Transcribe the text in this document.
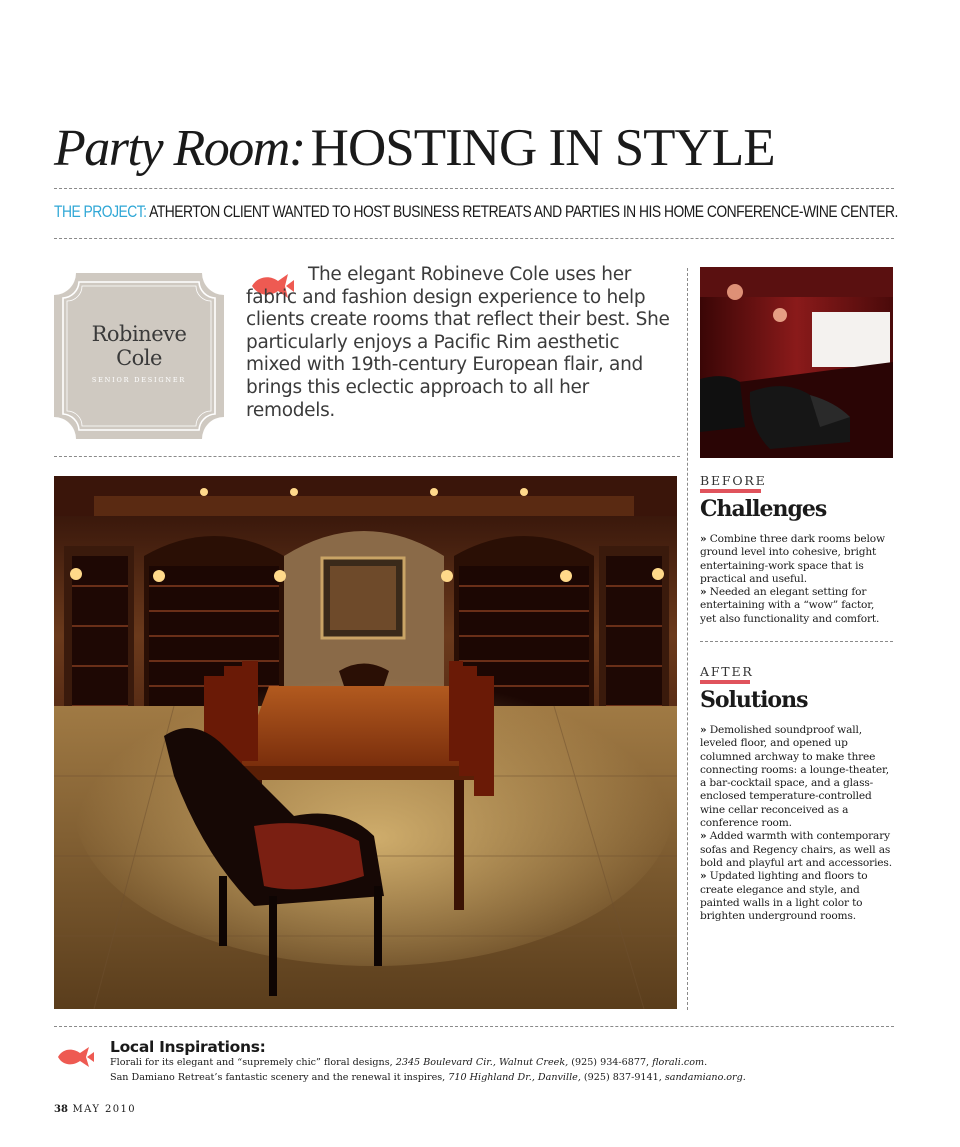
Party Room: HOSTING IN STYLE
THE PROJECT: ATHERTON CLIENT WANTED TO HOST BUSINESS RETREATS AND PARTIES IN HIS HOME CONFERENCE-WINE CENTER.
Robineve
Cole
SENIOR DESIGNER
The elegant Robineve Cole uses her fabric and fashion design experience to help clients create rooms that reflect their best. She particularly enjoys a Pacific Rim aesthetic mixed with 19th-century European flair, and brings this eclectic approach to all her remodels.
BEFORE
Challenges

» Combine three dark rooms below ground level into cohesive, bright entertaining-work space that is practical and useful.

» Needed an elegant setting for entertaining with a “wow” factor, yet also functionality and comfort.

AFTER
Solutions

» Demolished soundproof wall, leveled floor, and opened up columned archway to make three connecting rooms: a lounge-theater, a bar-cocktail space, and a glass-enclosed temperature-controlled wine cellar reconceived as a conference room.

» Added warmth with contemporary sofas and Regency chairs, as well as bold and playful art and accessories.

» Updated lighting and floors to create elegance and style, and painted walls in a light color to brighten underground rooms.

Local Inspirations:
Florali for its elegant and “supremely chic” floral designs, 2345 Boulevard Cir., Walnut Creek, (925) 934-6877, florali.com.
San Damiano Retreat’s fantastic scenery and the renewal it inspires, 710 Highland Dr., Danville, (925) 837-9141, sandamiano.org.
38 MAY 2010
